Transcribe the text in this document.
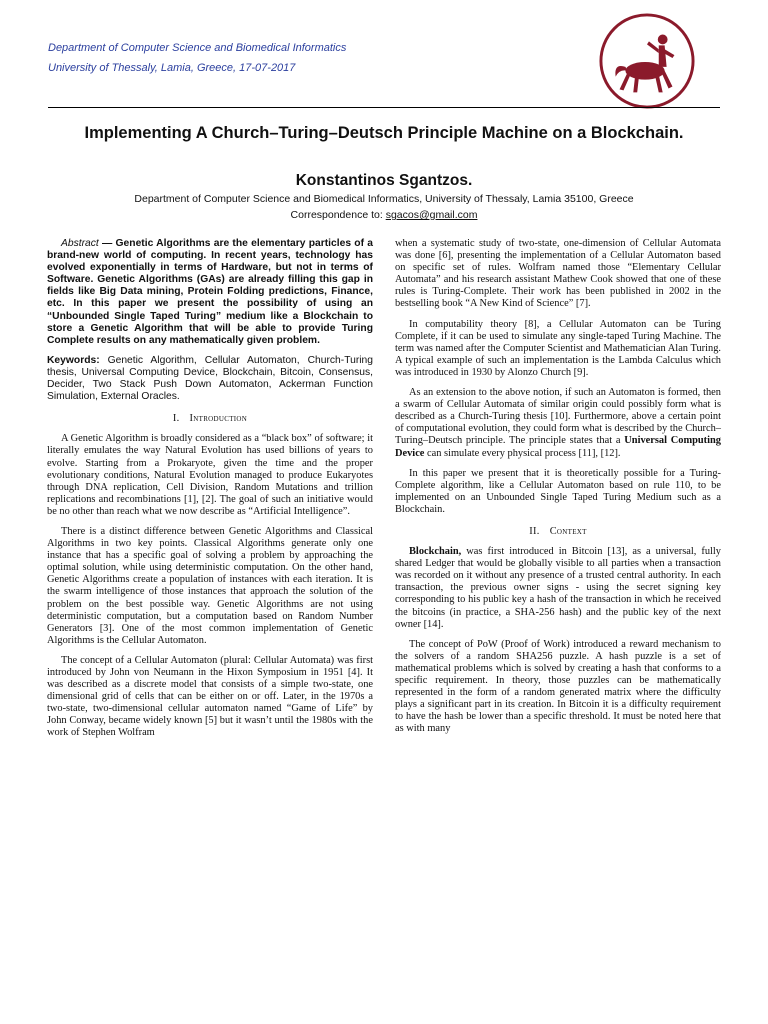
Department of Computer Science and Biomedical Informatics
University of Thessaly, Lamia, Greece, 17-07-2017
Implementing A Church–Turing–Deutsch Principle Machine on a Blockchain.
Konstantinos Sgantzos.
Department of Computer Science and Biomedical Informatics, University of Thessaly, Lamia 35100, Greece
Correspondence to: sgacos@gmail.com

Abstract — Genetic Algorithms are the elementary particles of a brand-new world of computing. In recent years, technology has evolved exponentially in terms of Hardware, but not in terms of Software. Genetic Algorithms (GAs) are already filling this gap in fields like Big Data mining, Protein Folding predictions, Finance, etc. In this paper we present the possibility of using an “Unbounded Single Taped Turing” medium like a Blockchain to store a Genetic Algorithm that will be able to provide Turing Complete results on any mathematically given problem.

Keywords: Genetic Algorithm, Cellular Automaton, Church-Turing thesis, Universal Computing Device, Blockchain, Bitcoin, Consensus, Decider, Two Stack Push Down Automaton, Ackerman Function Simulation, External Oracles.

I. Introduction

A Genetic Algorithm is broadly considered as a “black box” of software; it literally emulates the way Natural Evolution has used billions of years to evolve. Starting from a Prokaryote, given the time and the proper evolutionary conditions, Natural Evolution managed to produce Eukaryotes through DNA replication, Cell Division, Random Mutations and trillion replications and recombinations [1], [2]. The goal of such an initiative would be no other than reach what we now describe as “Artificial Intelligence”.

There is a distinct difference between Genetic Algorithms and Classical Algorithms in two key points. Classical Algorithms generate only one instance that has a specific goal of solving a problem by approaching the optimal solution, while using deterministic computation. On the other hand, Genetic Algorithms create a population of instances with each iteration. It is the swarm intelligence of those instances that approach the solution of the problem on the best possible way. Genetic Algorithms are not using deterministic computation, but a computation based on Random Number Generators [3]. One of the most common implementation of Genetic Algorithms is the Cellular Automaton.

The concept of a Cellular Automaton (plural: Cellular Automata) was first introduced by John von Neumann in the Hixon Symposium in 1951 [4]. It was described as a discrete model that consists of a simple two-state, one dimensional grid of cells that can be either on or off. Later, in the 1970s a two-state, two-dimensional cellular automaton named “Game of Life” by John Conway, became widely known [5] but it wasn’t until the 1980s with the work of Stephen Wolfram

when a systematic study of two-state, one-dimension of Cellular Automata was done [6], presenting the implementation of a Cellular Automaton based on specific set of rules. Wolfram named those “Elementary Cellular Automata” and his research assistant Mathew Cook showed that one of these rules is Turing-Complete. Their work has been published in 2002 in the bestselling book “A New Kind of Science” [7].

In computability theory [8], a Cellular Automaton can be Turing Complete, if it can be used to simulate any single-taped Turing Machine. The term was named after the Computer Scientist and Mathematician Alan Turing. A typical example of such an implementation is the Lambda Calculus which was introduced in 1930 by Alonzo Church [9].

As an extension to the above notion, if such an Automaton is formed, then a swarm of Cellular Automata of similar origin could possibly form what is described as a Church-Turing thesis [10]. Furthermore, above a certain point of computational evolution, they could form what is described by the Church–Turing–Deutsch principle. The principle states that a Universal Computing Device can simulate every physical process [11], [12].

In this paper we present that it is theoretically possible for a Turing-Complete algorithm, like a Cellular Automaton based on rule 110, to be implemented on an Unbounded Single Taped Turing Medium such as a Blockchain.

II. Context

Blockchain, was first introduced in Bitcoin [13], as a universal, fully shared Ledger that would be globally visible to all parties when a transaction was recorded on it without any presence of a trusted central authority. In each transaction, the previous owner signs - using the secret signing key corresponding to his public key a hash of the transaction in which he received the bitcoins (in practice, a SHA-256 hash) and the public key of the next owner [14].

The concept of PoW (Proof of Work) introduced a reward mechanism to the solvers of a random SHA256 puzzle. A hash puzzle is a set of mathematical problems which is solved by creating a hash that conforms to a specific requirement. In theory, those puzzles can be mathematically represented in the form of a random generated matrix where the difficulty plays a significant part in its creation. In Bitcoin it is a difficulty requirement to have the hash be lower than a specific threshold. It must be noted here that as with many
